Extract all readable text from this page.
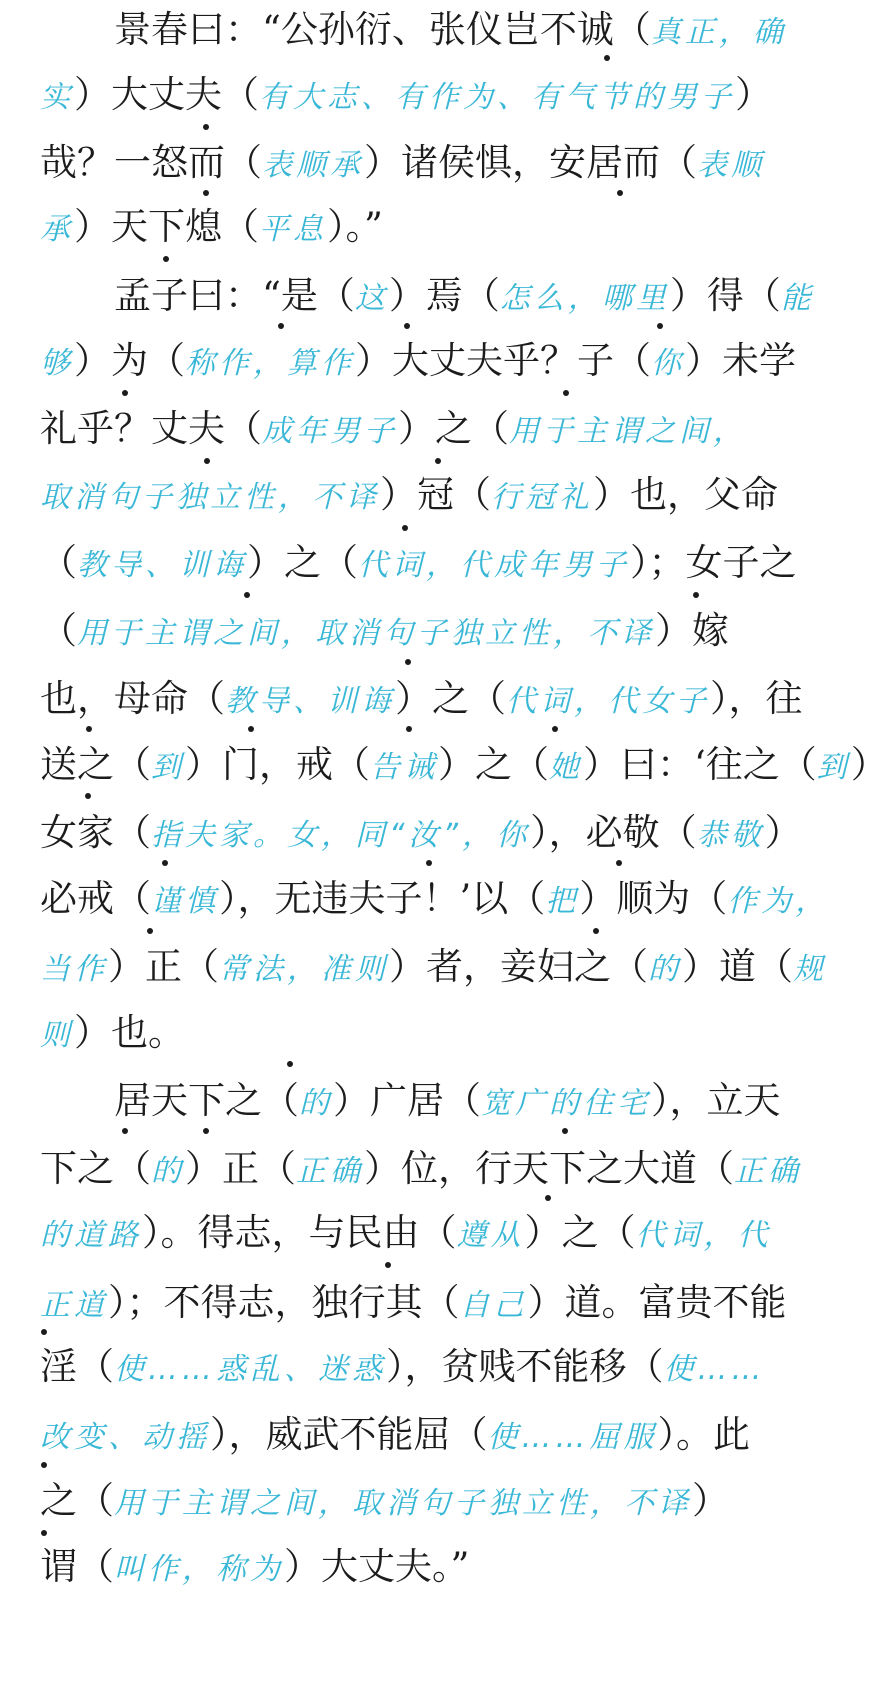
景春曰：“公孙衍、张仪岂不诚（真正，确
实）大丈夫（有大志、有作为、有气节的男子）
哉？一怒而（表顺承）诸侯惧，安居而（表顺
承）天下熄（平息）。”
孟子曰：“是（这）焉（怎么，哪里）得（能
够）为（称作，算作）大丈夫乎？子（你）未学
礼乎？丈夫（成年男子）之（用于主谓之间，
取消句子独立性，不译）冠（行冠礼）也，父命
（教导、训诲）之（代词，代成年男子）；女子之
（用于主谓之间，取消句子独立性，不译）嫁
也，母命（教导、训诲）之（代词，代女子），往
送之（到）门，戒（告诫）之（她）曰：‘往之（到）
女家（指夫家。女，同“汝”，你），必敬（恭敬）
必戒（谨慎），无违夫子！’以（把）顺为（作为，
当作）正（常法，准则）者，妾妇之（的）道（规
则）也。
居天下之（的）广居（宽广的住宅），立天
下之（的）正（正确）位，行天下之大道（正确
的道路）。得志，与民由（遵从）之（代词，代
正道）；不得志，独行其（自己）道。富贵不能
淫（使……惑乱、迷惑），贫贱不能移（使……
改变、动摇），威武不能屈（使……屈服）。此
之（用于主谓之间，取消句子独立性，不译）
谓（叫作，称为）大丈夫。”
